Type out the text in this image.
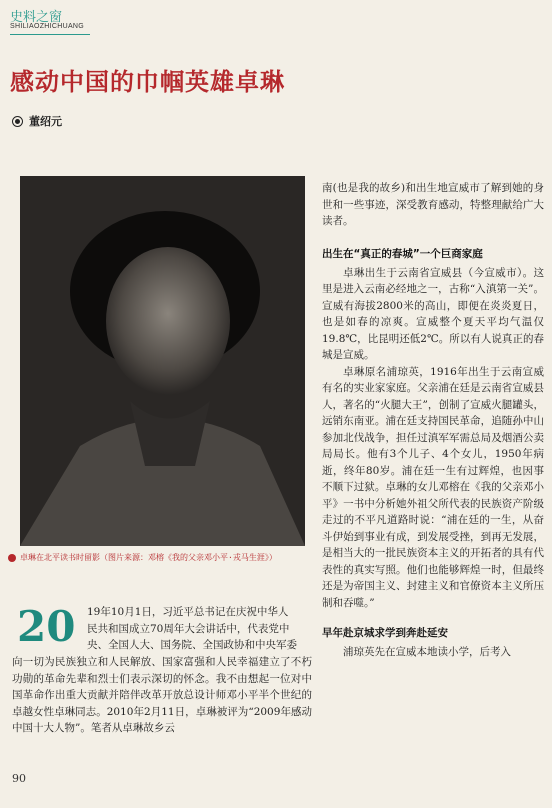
史料之窗
SHILIAOZHICHUANG
感动中国的巾帼英雄卓琳
董绍元
卓琳在北平读书时留影（图片来源：邓榕《我的父亲邓小平·戎马生涯》）
20 19年10月1日，习近平总书记在庆祝中华人

民共和国成立70周年大会讲话中，代表党中

央、全国人大、国务院、全国政协和中央军委

向一切为民族独立和人民解放、国家富强和人民幸福建立了不朽功勋的革命先辈和烈士们表示深切的怀念。我不由想起一位对中国革命作出重大贡献并陪伴改革开放总设计师邓小平半个世纪的卓越女性卓琳同志。2010年2月11日，卓琳被评为“2009年感动中国十大人物”。笔者从卓琳故乡云

南(也是我的故乡)和出生地宣威市了解到她的身世和一些事迹，深受教育感动，特整理献给广大读者。

出生在“真正的春城”一个巨商家庭

卓琳出生于云南省宣威县（今宣威市）。这里是进入云南必经地之一，古称“入滇第一关”。宣威有海拔2800米的高山，即便在炎炎夏日，也是如春的凉爽。宣威整个夏天平均气温仅19.8℃，比昆明还低2℃。所以有人说真正的春城是宣威。

卓琳原名浦琼英，1916年出生于云南宣威有名的实业家家庭。父亲浦在廷是云南省宣威县人，著名的“火腿大王”，创制了宣威火腿罐头，远销东南亚。浦在廷支持国民革命，追随孙中山参加北伐战争，担任过滇军军需总局及烟酒公卖局局长。他有3个儿子、4个女儿，1950年病逝，终年80岁。浦在廷一生有过辉煌，也因事不顺下过狱。卓琳的女儿邓榕在《我的父亲邓小平》一书中分析她外祖父所代表的民族资产阶级走过的不平凡道路时说：“浦在廷的一生，从奋斗伊始到事业有成，到发展受挫，到再无发展，是相当大的一批民族资本主义的开拓者的具有代表性的真实写照。他们也能够辉煌一时，但最终还是为帝国主义、封建主义和官僚资本主义所压制和吞噬。”

早年赴京城求学到奔赴延安

浦琼英先在宣威本地读小学，后考入

90
